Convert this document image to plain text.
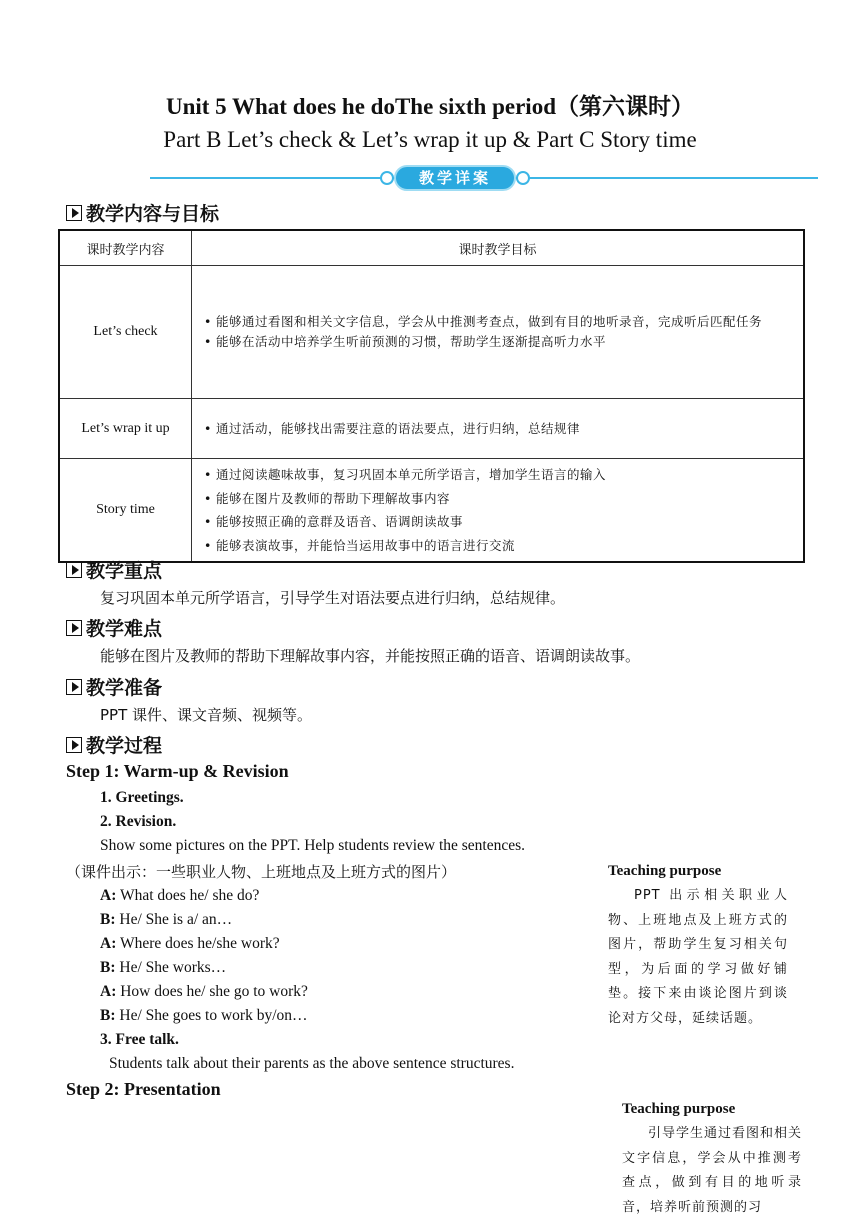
Unit 5 What does he doThe sixth period（第六课时）
Part B Let’s check & Let’s wrap it up & Part C Story time
教学详案
教学内容与目标
课时教学内容	课时教学目标
Let’s check	• 能够通过看图和相关文字信息，学会从中推测考查点，做到有目的地听录音，完成听后匹配任务
• 能够在活动中培养学生听前预测的习惯，帮助学生逐渐提高听力水平

Let’s wrap it up	• 通过活动，能够找出需要注意的语法要点，进行归纳，总结规律

Story time	• 通过阅读趣味故事，复习巩固本单元所学语言，增加学生语言的输入
• 能够在图片及教师的帮助下理解故事内容
• 能够按照正确的意群及语音、语调朗读故事
• 能够表演故事，并能恰当运用故事中的语言进行交流
教学重点
复习巩固本单元所学语言，引导学生对语法要点进行归纳，总结规律。
教学难点
能够在图片及教师的帮助下理解故事内容，并能按照正确的语音、语调朗读故事。
教学准备
PPT 课件、课文音频、视频等。
教学过程
Step 1: Warm-up & Revision
1. Greetings.
2. Revision.
Show some pictures on the PPT. Help students review the sentences.
（课件出示：一些职业人物、上班地点及上班方式的图片）
A: What does he/ she do?
B: He/ She is a/ an…
A: Where does he/she work?
B: He/ She works…
A: How does he/ she go to work?
B: He/ She goes to work by/on…
3. Free talk.
Students talk about their parents as the above sentence structures.
Step 2: Presentation
Teaching purpose
PPT 出示相关职业人物、上班地点及上班方式的图片，帮助学生复习相关句型，为后面的学习做好铺垫。接下来由谈论图片到谈论对方父母，延续话题。
Teaching purpose
引导学生通过看图和相关文字信息，学会从中推测考查点，做到有目的地听录音，培养听前预测的习
